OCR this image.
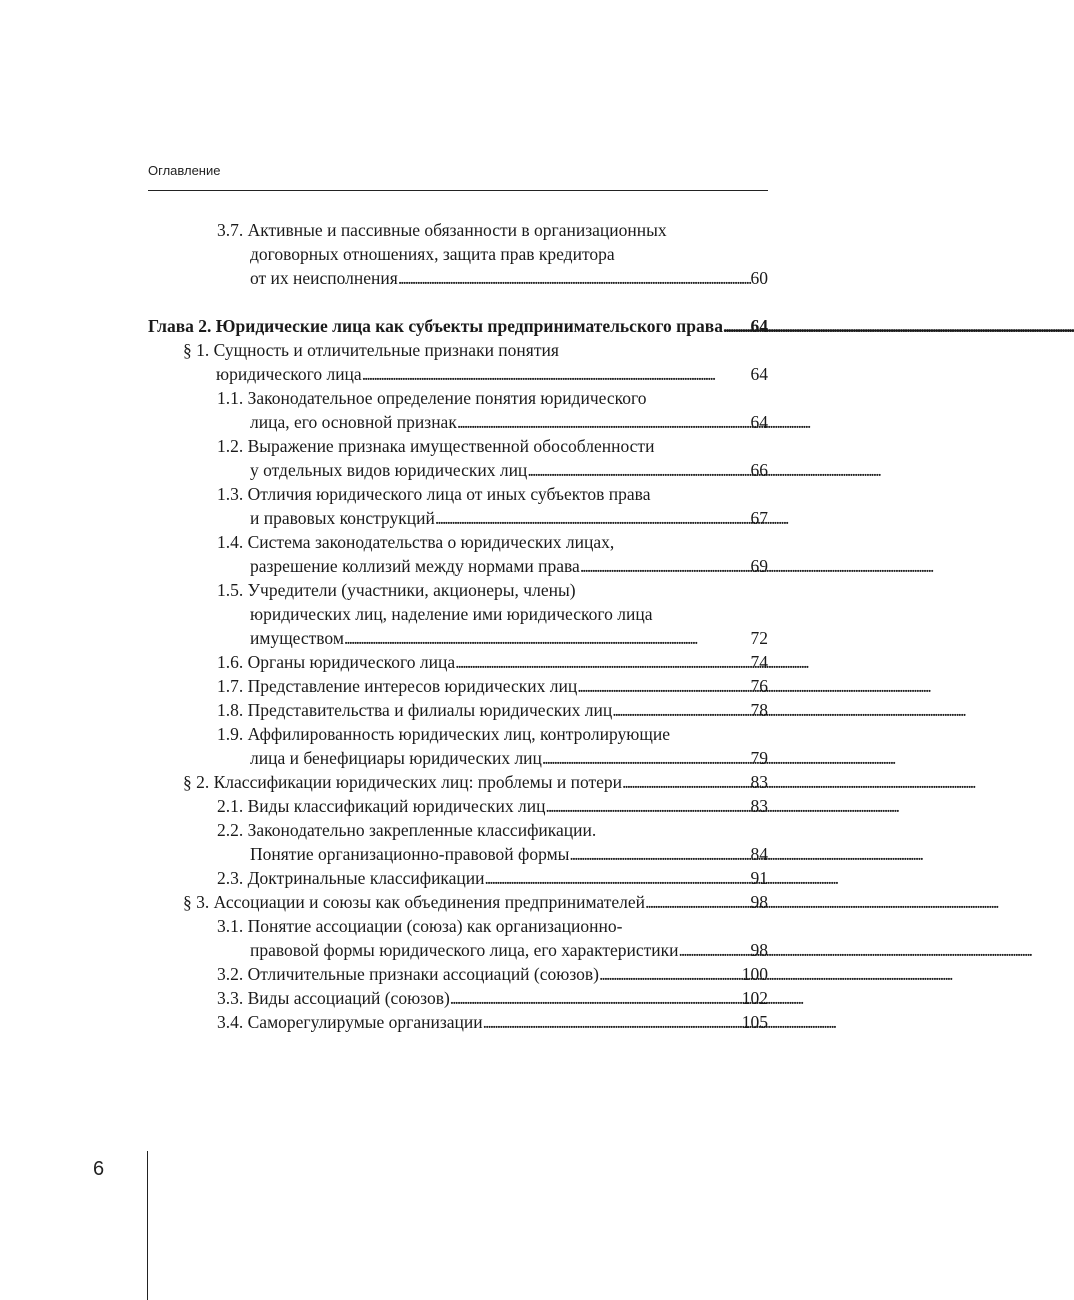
Оглавление
3.7. Активные и пассивные обязанности в организационных
договорных отношениях, защита прав кредитора
от их неисполнения . . .	60
Глава 2. Юридические лица как субъекты предпринимательского права . . . 64
§ 1. Сущность и отличительные признаки понятия
юридического лица . . .	64
1.1. Законодательное определение понятия юридического
лица, его основной признак . . .	64
1.2. Выражение признака имущественной обособленности
у отдельных видов юридических лиц . . .	66
1.3. Отличия юридического лица от иных субъектов права
и правовых конструкций . . .	67
1.4. Система законодательства о юридических лицах,
разрешение коллизий между нормами права . . .	69
1.5. Учредители (участники, акционеры, члены)
юридических лиц, наделение ими юридического лица
имуществом . . .	72
1.6. Органы юридического лица . . .	74
1.7. Представление интересов юридических лиц . . .	76
1.8. Представительства и филиалы юридических лиц . . .	78
1.9. Аффилированность юридических лиц, контролирующие
лица и бенефициары юридических лиц . . .	79
§ 2. Классификации юридических лиц: проблемы и потери . . .	83
2.1. Виды классификаций юридических лиц . . .	83
2.2. Законодательно закрепленные классификации.
Понятие организационно-правовой формы . . .	84
2.3. Доктринальные классификации . . .	91
§ 3. Ассоциации и союзы как объединения предпринимателей . . .	98
3.1. Понятие ассоциации (союза) как организационно-
правовой формы юридического лица, его характеристики . . .	98
3.2. Отличительные признаки ассоциаций (союзов) . . .	100
3.3. Виды ассоциаций (союзов) . . .	102
3.4. Саморегулирумые организации . . .	105
6
